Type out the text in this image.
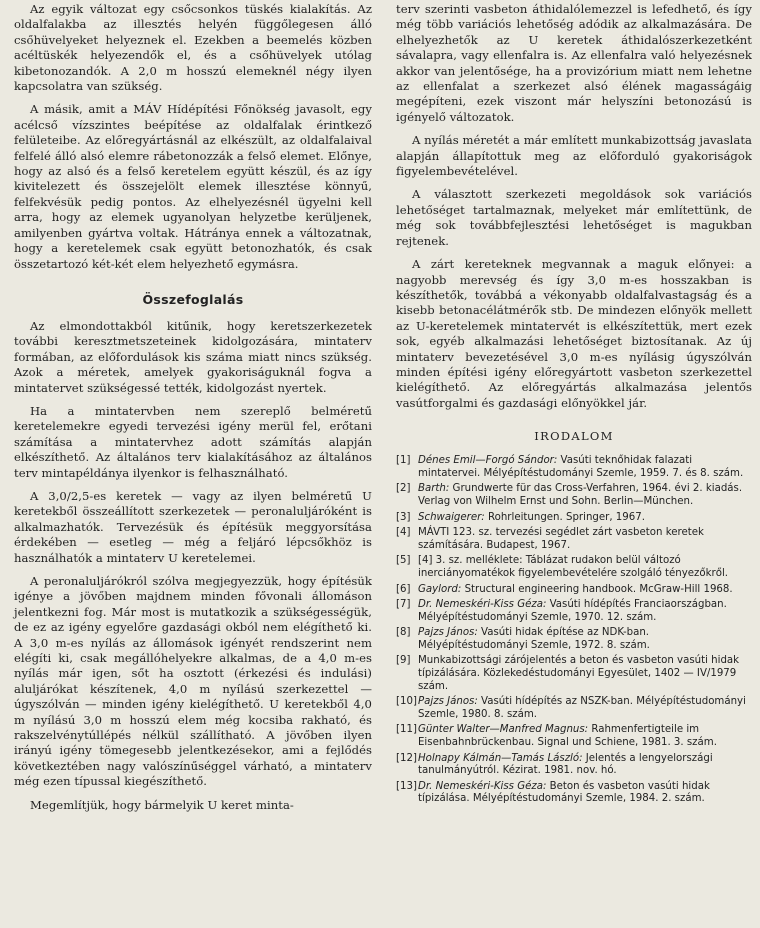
Az egyik változat egy csőcsonkos tüskés kialakítás. Az oldalfalakba az illesztés helyén függőlegesen álló csőhüvelyeket helyeznek el. Ezekben a beemelés közben acéltüskék helyezendők el, és a csőhüvelyek utólag kibetonozandók. A 2,0 m hosszú elemeknél négy ilyen kapcsolatra van szükség.

A másik, amit a MÁV Hídépítési Főnökség javasolt, egy acélcső vízszintes beépítése az oldalfalak érintkező felületeibe. Az előregyártásnál az elkészült, az oldalfalaival felfelé álló alsó elemre rábetonozzák a felső elemet. Előnye, hogy az alsó és a felső keretelem együtt készül, és az így kivitelezett és összejelölt elemek illesztése könnyű, felfekvésük pedig pontos. Az elhelyezésnél ügyelni kell arra, hogy az elemek ugyanolyan helyzetbe kerüljenek, amilyenben gyártva voltak. Hátránya ennek a változatnak, hogy a keretelemek csak együtt betonozhatók, és csak összetartozó két-két elem helyezhető egymásra.

Összefoglalás

Az elmondottakból kitűnik, hogy keretszerkezetek további keresztmetszeteinek kidolgozására, mintaterv formában, az előfordulások kis száma miatt nincs szükség. Azok a méretek, amelyek gyakoriságuknál fogva a mintatervet szükségessé tették, kidolgozást nyertek.

Ha a mintatervben nem szereplő belméretű keretelemekre egyedi tervezési igény merül fel, erőtani számítása a mintatervhez adott számítás alapján elkészíthető. Az általános terv kialakításához az általános terv mintapéldánya ilyenkor is felhasználható.

A 3,0/2,5-es keretek — vagy az ilyen belméretű U keretekből összeállított szerkezetek — peronaluljáróként is alkalmazhatók. Tervezésük és építésük meggyorsítása érdekében — esetleg — még a feljáró lépcsőkhöz is használhatók a mintaterv U keretelemei.

A peronaluljárókról szólva megjegyezzük, hogy építésük igénye a jövőben majdnem minden fővonali állomáson jelentkezni fog. Már most is mutatkozik a szükségességük, de ez az igény egyelőre gazdasági okból nem elégíthető ki. A 3,0 m-es nyílás az állomások igényét rendszerint nem elégíti ki, csak megállóhelyekre alkalmas, de a 4,0 m-es nyílás már igen, sőt ha osztott (érkezési és indulási) aluljárókat készítenek, 4,0 m nyílású szerkezettel — úgyszólván — minden igény kielégíthető. U keretekből 4,0 m nyílású 3,0 m hosszú elem még kocsiba rakható, és rakszelvénytúllépés nélkül szállítható. A jövőben ilyen irányú igény tömegesebb jelentkezésekor, ami a fejlődés következtében nagy valószínűséggel várható, a mintaterv még ezen típussal kiegészíthető.

Megemlítjük, hogy bármelyik U keret minta-

terv szerinti vasbeton áthidalólemezzel is lefedhető, és így még több variációs lehetőség adódik az alkalmazására. De elhelyezhetők az U keretek áthidalószerkezetként sávalapra, vagy ellenfalra is. Az ellenfalra való helyezésnek akkor van jelentősége, ha a provizórium miatt nem lehetne az ellenfalat a szerkezet alsó élének magasságáig megépíteni, ezek viszont már helyszíni betonozású is igényelő változatok.

A nyílás méretét a már említett munkabizottság javaslata alapján állapítottuk meg az előforduló gyakoriságok figyelembevételével.

A választott szerkezeti megoldások sok variációs lehetőséget tartalmaznak, melyeket már említettünk, de még sok továbbfejlesztési lehetőséget is magukban rejtenek.

A zárt kereteknek megvannak a maguk előnyei: a nagyobb merevség és így 3,0 m-es hosszakban is készíthetők, továbbá a vékonyabb oldalfalvastagság és a kisebb betonacélátmérők stb. De mindezen előnyök mellett az U-keretelemek mintatervét is elkészítettük, mert ezek sok, egyéb alkalmazási lehetőséget biztosítanak. Az új mintaterv bevezetésével 3,0 m-es nyílásig úgyszólván minden építési igény előregyártott vasbeton szerkezettel kielégíthető. Az előregyártás alkalmazása jelentős vasútforgalmi és gazdasági előnyökkel jár.

IRODALOM
[1] Dénes Emil—Forgó Sándor: Vasúti teknőhidak falazati mintatervei. Mélyépítéstudományi Szemle, 1959. 7. és 8. szám.
[2] Barth: Grundwerte für das Cross-Verfahren, 1964. évi 2. kiadás. Verlag von Wilhelm Ernst und Sohn. Berlin—München.
[3] Schwaigerer: Rohrleitungen. Springer, 1967.
[4] MÁVTI 123. sz. tervezési segédlet zárt vasbeton keretek számítására. Budapest, 1967.
[5] [4] 3. sz. melléklete: Táblázat rudakon belül változó inerciányomatékok figyelembevételére szolgáló tényezőkről.
[6] Gaylord: Structural engineering handbook. McGraw-Hill 1968.
[7] Dr. Nemeskéri-Kiss Géza: Vasúti hídépítés Franciaországban. Mélyépítéstudományi Szemle, 1970. 12. szám.
[8] Pajzs János: Vasúti hidak építése az NDK-ban. Mélyépítéstudományi Szemle, 1972. 8. szám.
[9] Munkabizottsági zárójelentés a beton és vasbeton vasúti hidak típizálására. Közlekedéstudományi Egyesület, 1402 — IV/1979 szám.
[10] Pajzs János: Vasúti hídépítés az NSZK-ban. Mélyépítéstudományi Szemle, 1980. 8. szám.
[11] Günter Walter—Manfred Magnus: Rahmenfertigteile im Eisenbahnbrückenbau. Signal und Schiene, 1981. 3. szám.
[12] Holnapy Kálmán—Tamás László: Jelentés a lengyelországi tanulmányútról. Kézirat. 1981. nov. hó.
[13] Dr. Nemeskéri-Kiss Géza: Beton és vasbeton vasúti hidak típizálása. Mélyépítéstudományi Szemle, 1984. 2. szám.
